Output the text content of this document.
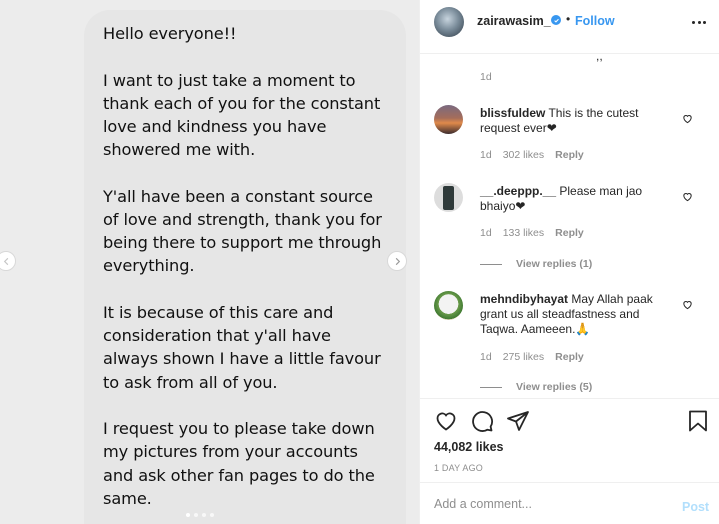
Hello everyone!!

I want to just take a moment to thank each of you for the constant love and kindness you have showered me with.

Y'all have been a constant source of love and strength, thank you for being there to support me through everything.

It is because of this care and consideration that y'all have always shown I have a little favour to ask from all of you.

I request you to please take down my pictures from your accounts and ask other fan pages to do the same.

zairawasim_ • Follow
,,
1d
blissfuldew This is the cutest request ever❤
1d 302 likes Reply
__.deeppp.__ Please man jao bhaiyo❤
1d 133 likes Reply
View replies (1)
mehndibyhayat May Allah paak grant us all steadfastness and Taqwa. Aameeen.🙏
1d 275 likes Reply
View replies (5)
44,082 likes
1 DAY AGO
Add a comment...
Post
